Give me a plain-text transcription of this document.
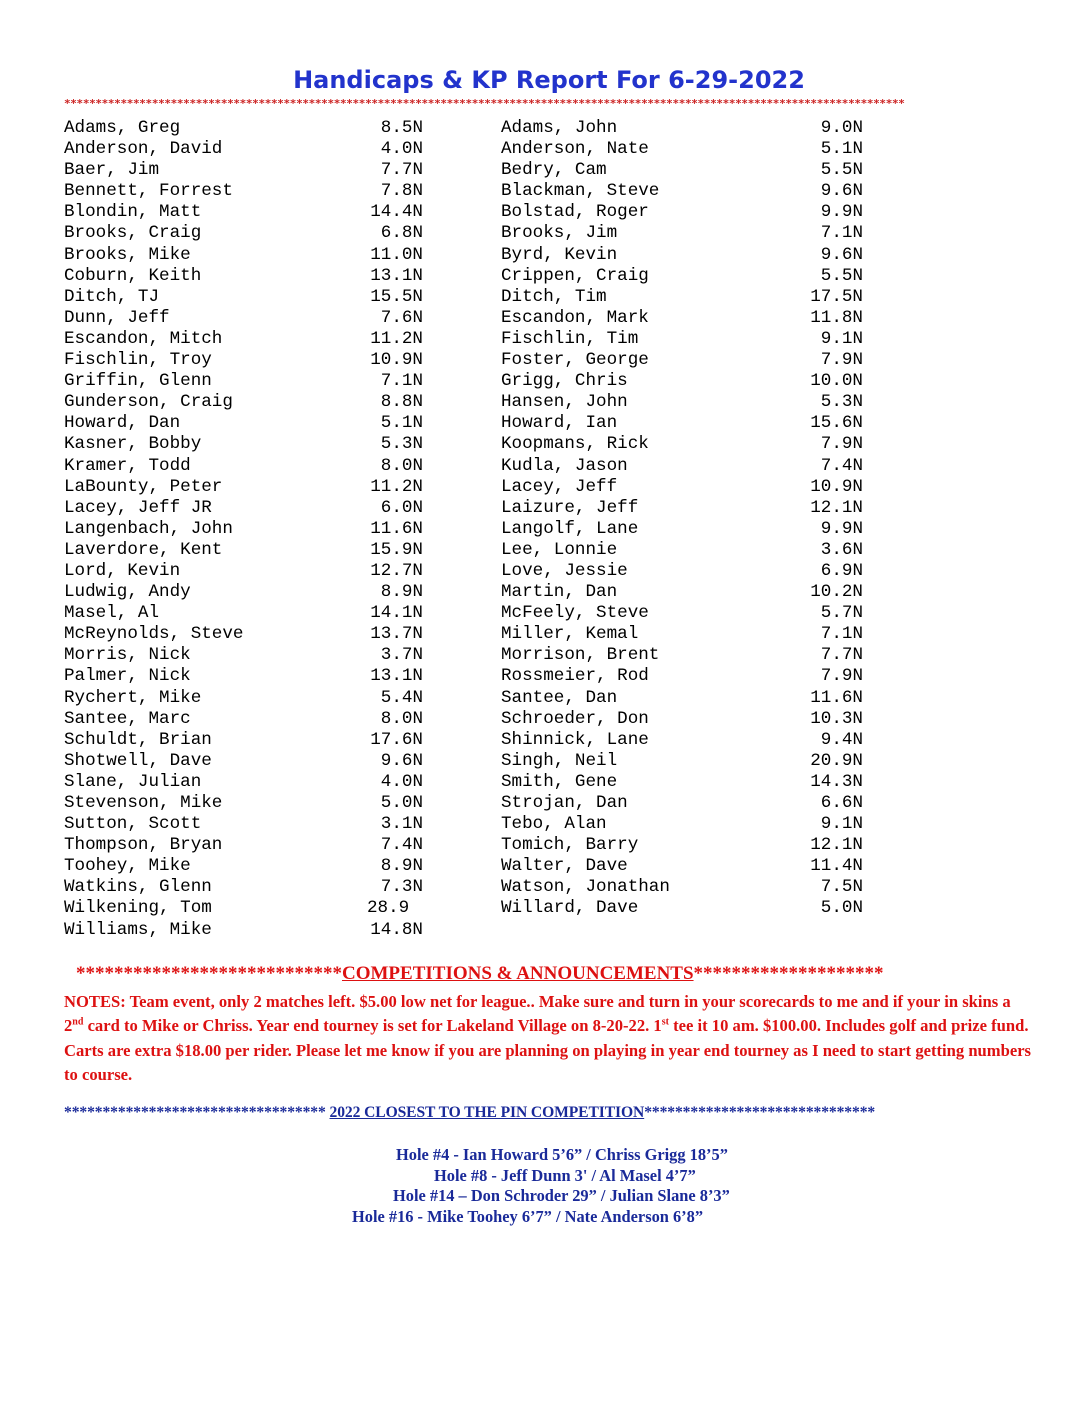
Handicaps & KP Report For 6-29-2022
**************************************************************************************************************************************
Adams, Greg	8.5N
Anderson, David	4.0N
Baer, Jim	7.7N
Bennett, Forrest	7.8N
Blondin, Matt	14.4N
Brooks, Craig	6.8N
Brooks, Mike	11.0N
Coburn, Keith	13.1N
Ditch, TJ	15.5N
Dunn, Jeff	7.6N
Escandon, Mitch	11.2N
Fischlin, Troy	10.9N
Griffin, Glenn	7.1N
Gunderson, Craig	8.8N
Howard, Dan	5.1N
Kasner, Bobby	5.3N
Kramer, Todd	8.0N
LaBounty, Peter	11.2N
Lacey, Jeff JR	6.0N
Langenbach, John	11.6N
Laverdore, Kent	15.9N
Lord, Kevin	12.7N
Ludwig, Andy	8.9N
Masel, Al	14.1N
McReynolds, Steve	13.7N
Morris, Nick	3.7N
Palmer, Nick	13.1N
Rychert, Mike	5.4N
Santee, Marc	8.0N
Schuldt, Brian	17.6N
Shotwell, Dave	9.6N
Slane, Julian	4.0N
Stevenson, Mike	5.0N
Sutton, Scott	3.1N
Thompson, Bryan	7.4N
Toohey, Mike	8.9N
Watkins, Glenn	7.3N
Wilkening, Tom	28.9
Williams, Mike	14.8N
Adams, John	9.0N
Anderson, Nate	5.1N
Bedry, Cam	5.5N
Blackman, Steve	9.6N
Bolstad, Roger	9.9N
Brooks, Jim	7.1N
Byrd, Kevin	9.6N
Crippen, Craig	5.5N
Ditch, Tim	17.5N
Escandon, Mark	11.8N
Fischlin, Tim	9.1N
Foster, George	7.9N
Grigg, Chris	10.0N
Hansen, John	5.3N
Howard, Ian	15.6N
Koopmans, Rick	7.9N
Kudla, Jason	7.4N
Lacey, Jeff	10.9N
Laizure, Jeff	12.1N
Langolf, Lane	9.9N
Lee, Lonnie	3.6N
Love, Jessie	6.9N
Martin, Dan	10.2N
McFeely, Steve	5.7N
Miller, Kemal	7.1N
Morrison, Brent	7.7N
Rossmeier, Rod	7.9N
Santee, Dan	11.6N
Schroeder, Don	10.3N
Shinnick, Lane	9.4N
Singh, Neil	20.9N
Smith, Gene	14.3N
Strojan, Dan	6.6N
Tebo, Alan	9.1N
Tomich, Barry	12.1N
Walter, Dave	11.4N
Watson, Jonathan	7.5N
Willard, Dave	5.0N
****************************COMPETITIONS & ANNOUNCEMENTS********************
NOTES: Team event, only 2 matches left. $5.00 low net for league.. Make sure and turn in your scorecards to me and if your in skins a 2nd card to Mike or Chriss. Year end tourney is set for Lakeland Village on 8-20-22. 1st tee it 10 am. $100.00. Includes golf and prize fund. Carts are extra $18.00 per rider. Please let me know if you are planning on playing in year end tourney as I need to start getting numbers to course.
********************************** 2022 CLOSEST TO THE PIN COMPETITION******************************
Hole #4 - Ian Howard 5’6” / Chriss Grigg 18’5”
Hole #8 - Jeff Dunn 3' / Al Masel 4’7”
Hole #14 – Don Schroder 29” / Julian Slane 8’3”
Hole #16 - Mike Toohey 6’7” / Nate Anderson 6’8”
